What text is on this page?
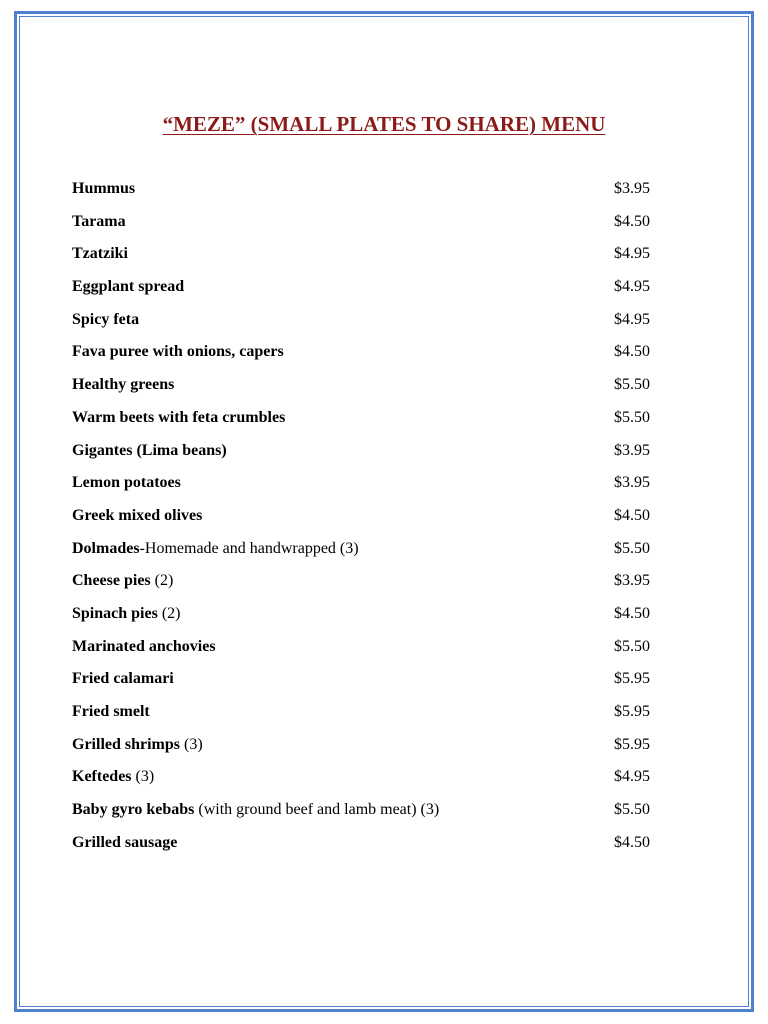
“MEZE” (SMALL PLATES TO SHARE) MENU
Hummus	$3.95
Tarama	$4.50
Tzatziki	$4.95
Eggplant spread	$4.95
Spicy feta	$4.95
Fava puree with onions, capers	$4.50
Healthy greens	$5.50
Warm beets with feta crumbles	$5.50
Gigantes (Lima beans)	$3.95
Lemon potatoes	$3.95
Greek mixed olives	$4.50
Dolmades-Homemade and handwrapped (3)	$5.50
Cheese pies (2)	$3.95
Spinach pies (2)	$4.50
Marinated anchovies	$5.50
Fried calamari	$5.95
Fried smelt	$5.95
Grilled shrimps (3)	$5.95
Keftedes (3)	$4.95
Baby gyro kebabs (with ground beef and lamb meat) (3)	$5.50
Grilled sausage	$4.50
